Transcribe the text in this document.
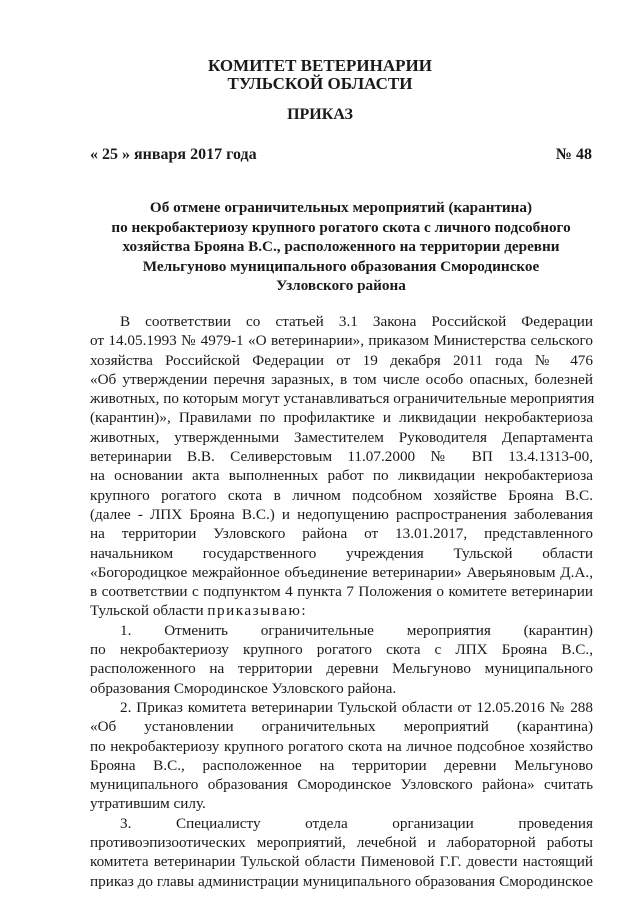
КОМИТЕТ ВЕТЕРИНАРИИ
ТУЛЬСКОЙ ОБЛАСТИ
ПРИКАЗ
« 25 » января 2017 года	№ 48
Об отмене ограничительных мероприятий (карантина)
по некробактериозу крупного рогатого скота с личного подсобного
хозяйства Брояна В.С., расположенного на территории деревни
Мельгуново муниципального образования Смородинское
Узловского района
В соответствии со статьей 3.1 Закона Российской Федерации
от 14.05.1993 № 4979-1 «О ветеринарии», приказом Министерства сельского
хозяйства Российской Федерации от 19 декабря 2011 года № 476
«Об утверждении перечня заразных, в том числе особо опасных, болезней
животных, по которым могут устанавливаться ограничительные мероприятия
(карантин)», Правилами по профилактике и ликвидации некробактериоза
животных, утвержденными Заместителем Руководителя Департамента
ветеринарии В.В. Селиверстовым 11.07.2000 № ВП 13.4.1313-00,
на основании акта выполненных работ по ликвидации некробактериоза
крупного рогатого скота в личном подсобном хозяйстве Брояна В.С.
(далее - ЛПХ Брояна В.С.) и недопущению распространения заболевания
на территории Узловского района от 13.01.2017, представленного
начальником государственного учреждения Тульской области
«Богородицкое межрайонное объединение ветеринарии» Аверьяновым Д.А.,
в соответствии с подпунктом 4 пункта 7 Положения о комитете ветеринарии
Тульской области приказываю:
1. Отменить ограничительные мероприятия (карантин)
по некробактериозу крупного рогатого скота с ЛПХ Брояна В.С.,
расположенного на территории деревни Мельгуново муниципального
образования Смородинское Узловского района.
2. Приказ комитета ветеринарии Тульской области от 12.05.2016 № 288
«Об установлении ограничительных мероприятий (карантина)
по некробактериозу крупного рогатого скота на личное подсобное хозяйство
Брояна В.С., расположенное на территории деревни Мельгуново
муниципального образования Смородинское Узловского района» считать
утратившим силу.
3. Специалисту отдела организации проведения
противоэпизоотических мероприятий, лечебной и лабораторной работы
комитета ветеринарии Тульской области Пименовой Г.Г. довести настоящий
приказ до главы администрации муниципального образования Смородинское
